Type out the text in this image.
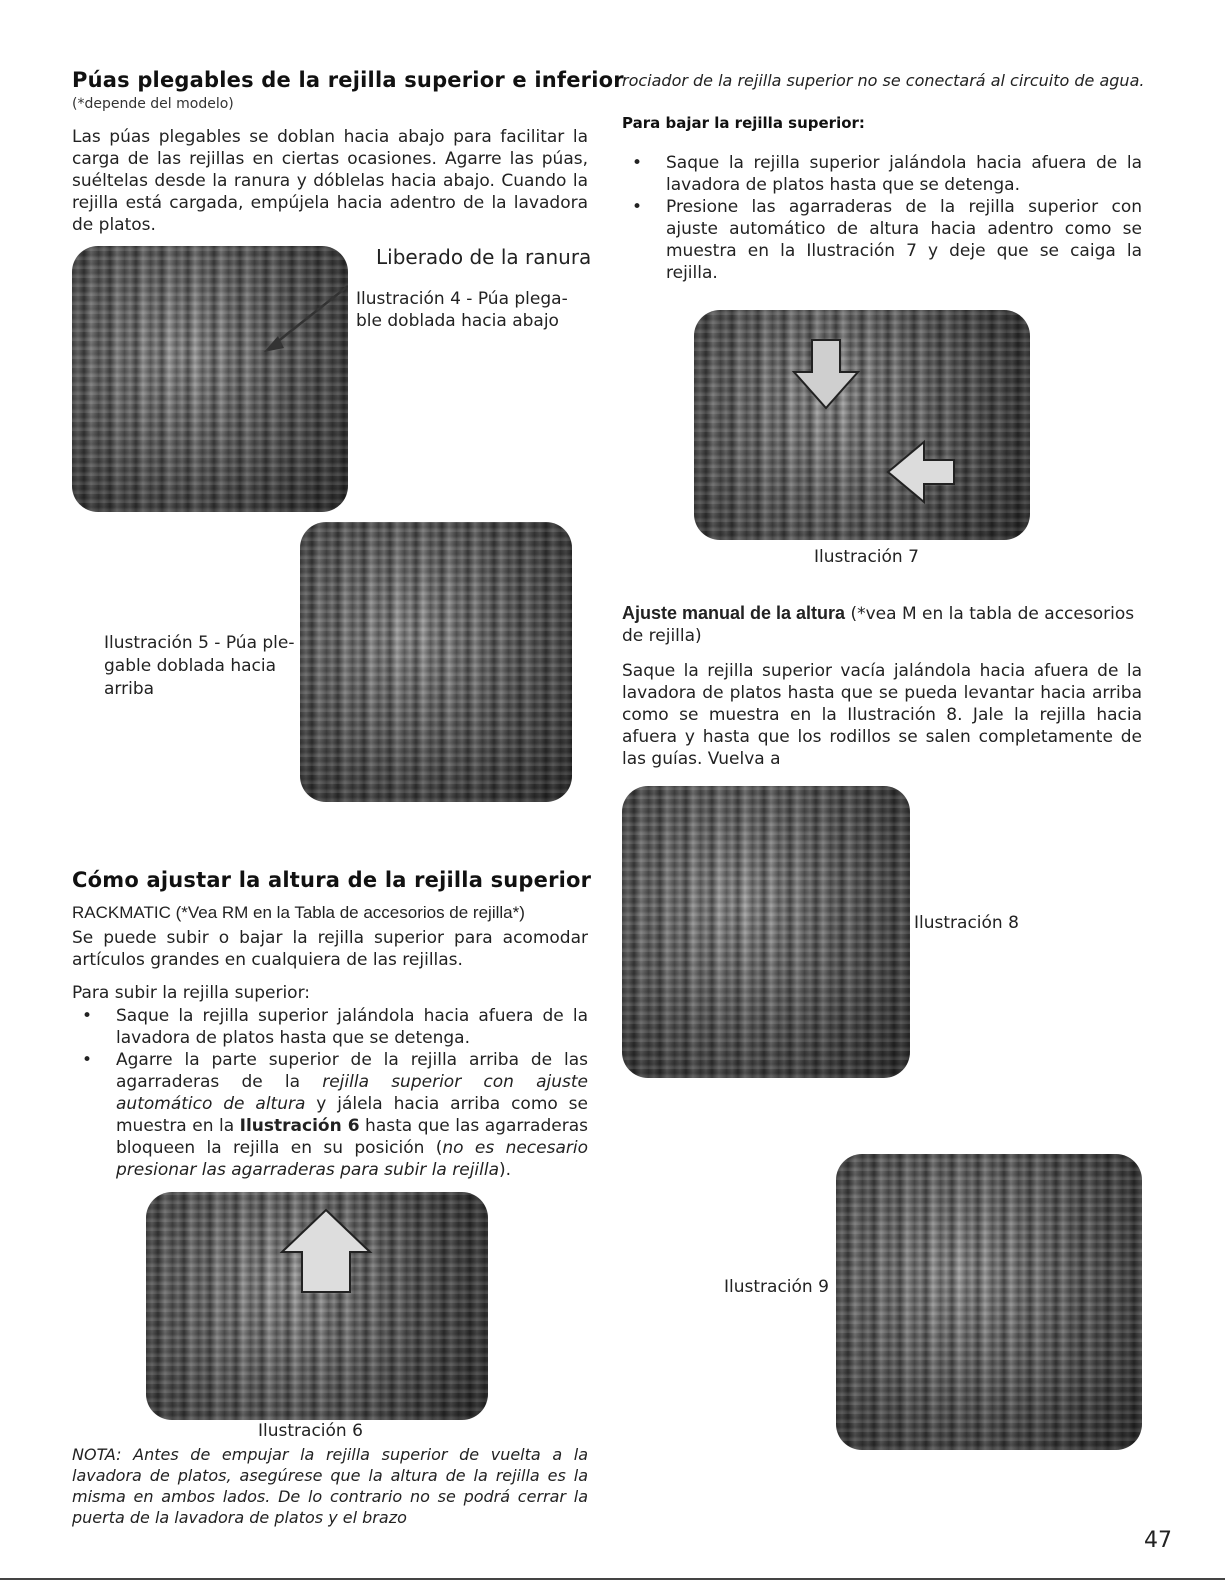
Púas plegables de la rejilla superior e inferior
(*depende del modelo)
Las púas plegables se doblan hacia abajo para facilitar la carga de las rejillas en ciertas ocasiones. Agarre las púas, suéltelas desde la ranura y dóblelas hacia abajo. Cuando la rejilla está cargada, empújela hacia adentro de la lavadora de platos.
Liberado de la ranura
Ilustración 4 - Púa plega-
ble doblada hacia abajo
Ilustración 5 - Púa ple-
gable doblada hacia
arriba
Cómo ajustar la altura de la rejilla superior
RACKMATIC (*Vea RM en la Tabla de accesorios de rejilla*)
Se puede subir o bajar la rejilla superior para acomodar artículos grandes en cualquiera de las rejillas.
Para subir la rejilla superior:
• Saque la rejilla superior jalándola hacia afuera de la lavadora de platos hasta que se detenga.
• Agarre la parte superior de la rejilla arriba de las agarraderas de la rejilla superior con ajuste automático de altura y jálela hacia arriba como se muestra en la Ilustración 6 hasta que las agarraderas bloqueen la rejilla en su posición (no es necesario presionar las agarraderas para subir la rejilla).
Ilustración 6
NOTA: Antes de empujar la rejilla superior de vuelta a la lavadora de platos, asegúrese que la altura de la rejilla es la misma en ambos lados. De lo contrario no se podrá cerrar la puerta de la lavadora de platos y el brazo
rociador de la rejilla superior no se conectará al circuito de agua.
Para bajar la rejilla superior:
• Saque la rejilla superior jalándola hacia afuera de la lavadora de platos hasta que se detenga.
• Presione las agarraderas de la rejilla superior con ajuste automático de altura hacia adentro como se muestra en la Ilustración 7 y deje que se caiga la rejilla.
Ilustración 7
Ajuste manual de la altura (*vea M en la tabla de accesorios de rejilla)
Saque la rejilla superior vacía jalándola hacia afuera de la lavadora de platos hasta que se pueda levantar hacia arriba como se muestra en la Ilustración 8. Jale la rejilla hacia afuera y hasta que los rodillos se salen completamente de las guías. Vuelva a
Ilustración 8
Ilustración 9
47
